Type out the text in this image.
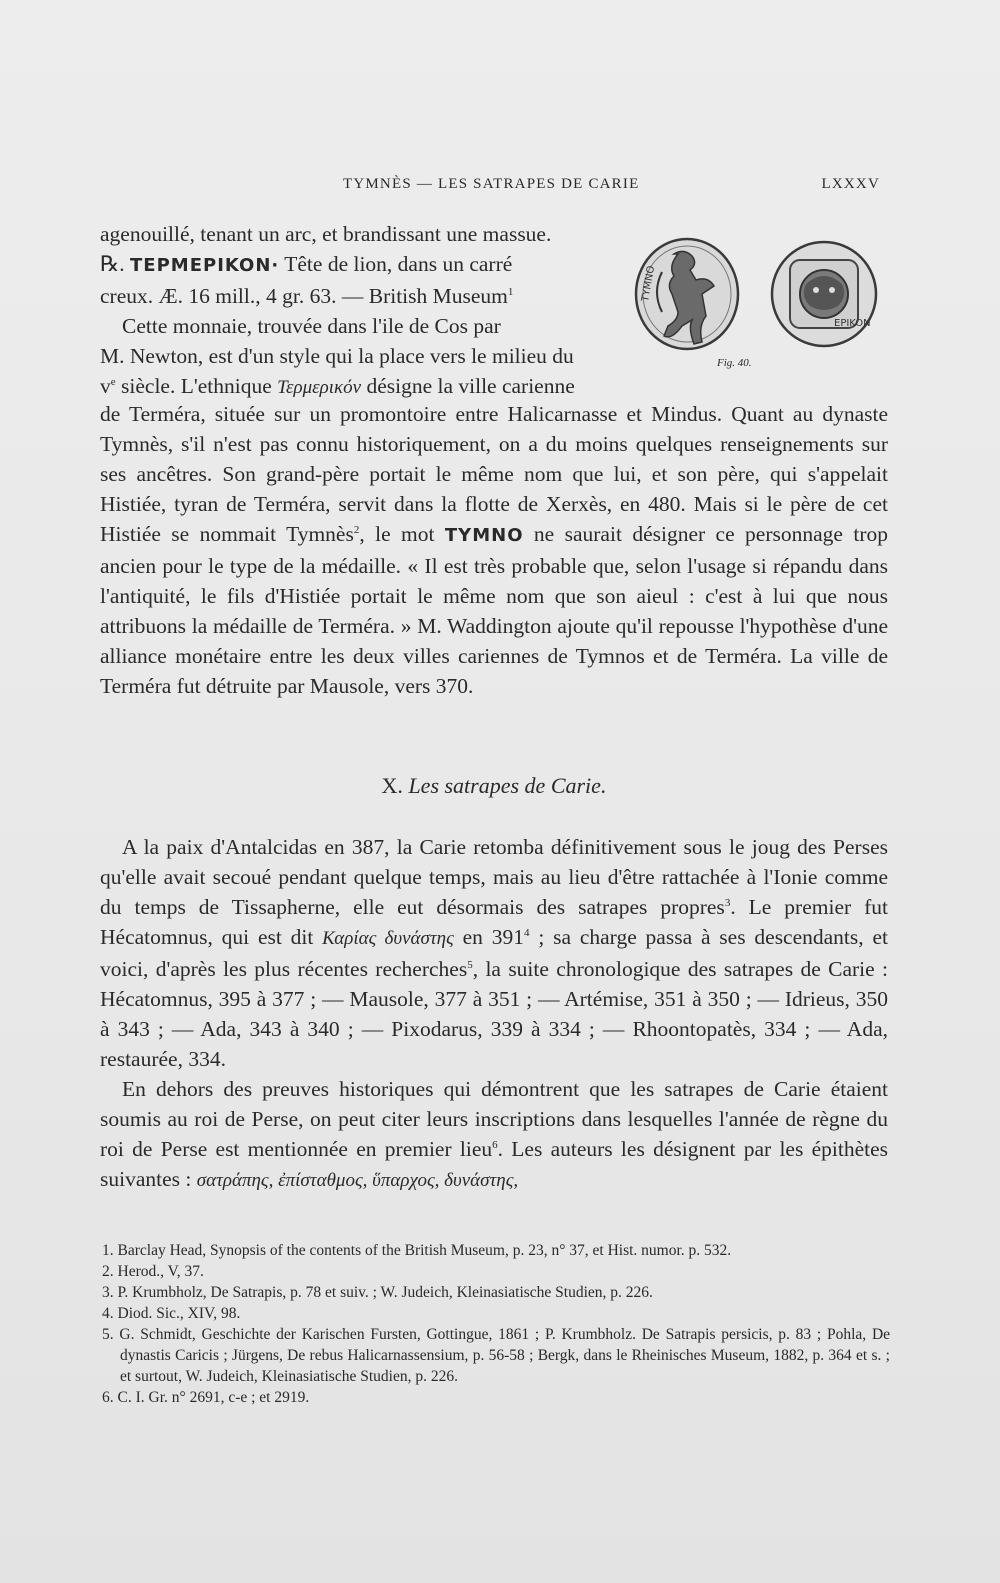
TYMNÈS — LES SATRAPES DE CARIE	LXXXV
TYMNO
EPIKON
Fig. 40.

agenouillé, tenant un arc, et brandissant une massue.

℞. TEPMEPIKON· Tête de lion, dans un carré

creux. Æ. 16 mill., 4 gr. 63. — British Museum$^1$

Cette monnaie, trouvée dans l'ile de Cos par

M. Newton, est d'un style qui la place vers le milieu du

$v^e$ siècle. L'ethnique Τερμερικόν désigne la ville carienne

de Terméra, située sur un promontoire entre Halicarnasse et Mindus. Quant au dynaste Tymnès, s'il n'est pas connu historiquement, on a du moins quelques renseignements sur ses ancêtres. Son grand-père portait le même nom que lui, et son père, qui s'appelait Histiée, tyran de Terméra, servit dans la flotte de Xerxès, en 480. Mais si le père de cet Histiée se nommait Tymnès$^2$, le mot TYMNO ne saurait désigner ce personnage trop ancien pour le type de la médaille. « Il est très probable que, selon l'usage si répandu dans l'antiquité, le fils d'Histiée portait le même nom que son aieul : c'est à lui que nous attribuons la médaille de Terméra. » M. Waddington ajoute qu'il repousse l'hypothèse d'une alliance monétaire entre les deux villes cariennes de Tymnos et de Terméra. La ville de Terméra fut détruite par Mausole, vers 370.

X. Les satrapes de Carie.

A la paix d'Antalcidas en 387, la Carie retomba définitivement sous le joug des Perses qu'elle avait secoué pendant quelque temps, mais au lieu d'être rattachée à l'Ionie comme du temps de Tissapherne, elle eut désormais des satrapes propres$^3$. Le premier fut Hécatomnus, qui est dit Καρίας δυνάστης en $391^4$ ; sa charge passa à ses descendants, et voici, d'après les plus récentes recherches$^5$, la suite chronologique des satrapes de Carie : Hécatomnus, 395 à 377 ; — Mausole, 377 à 351 ; — Artémise, 351 à 350 ; — Idrieus, 350 à 343 ; — Ada, 343 à 340 ; — Pixodarus, 339 à 334 ; — Rhoontopatès, 334 ; — Ada, restaurée, 334.

En dehors des preuves historiques qui démontrent que les satrapes de Carie étaient soumis au roi de Perse, on peut citer leurs inscriptions dans lesquelles l'année de règne du roi de Perse est mentionnée en premier lieu$^6$. Les auteurs les désignent par les épithètes suivantes : σατράπης, ἐπίσταθμος, ὕπαρχος, δυνάστης,

1. Barclay Head, Synopsis of the contents of the British Museum, p. 23, n° 37, et Hist. numor. p. 532.
2. Herod., V, 37.
3. P. Krumbholz, De Satrapis, p. 78 et suiv. ; W. Judeich, Kleinasiatische Studien, p. 226.
4. Diod. Sic., XIV, 98.
5. G. Schmidt, Geschichte der Karischen Fursten, Gottingue, 1861 ; P. Krumbholz. De Satrapis persicis, p. 83 ; Pohla, De dynastis Caricis ; Jürgens, De rebus Halicarnassensium, p. 56-58 ; Bergk, dans le Rheinisches Museum, 1882, p. 364 et s. ; et surtout, W. Judeich, Kleinasiatische Studien, p. 226.
6. C. I. Gr. n° 2691, c-e ; et 2919.
